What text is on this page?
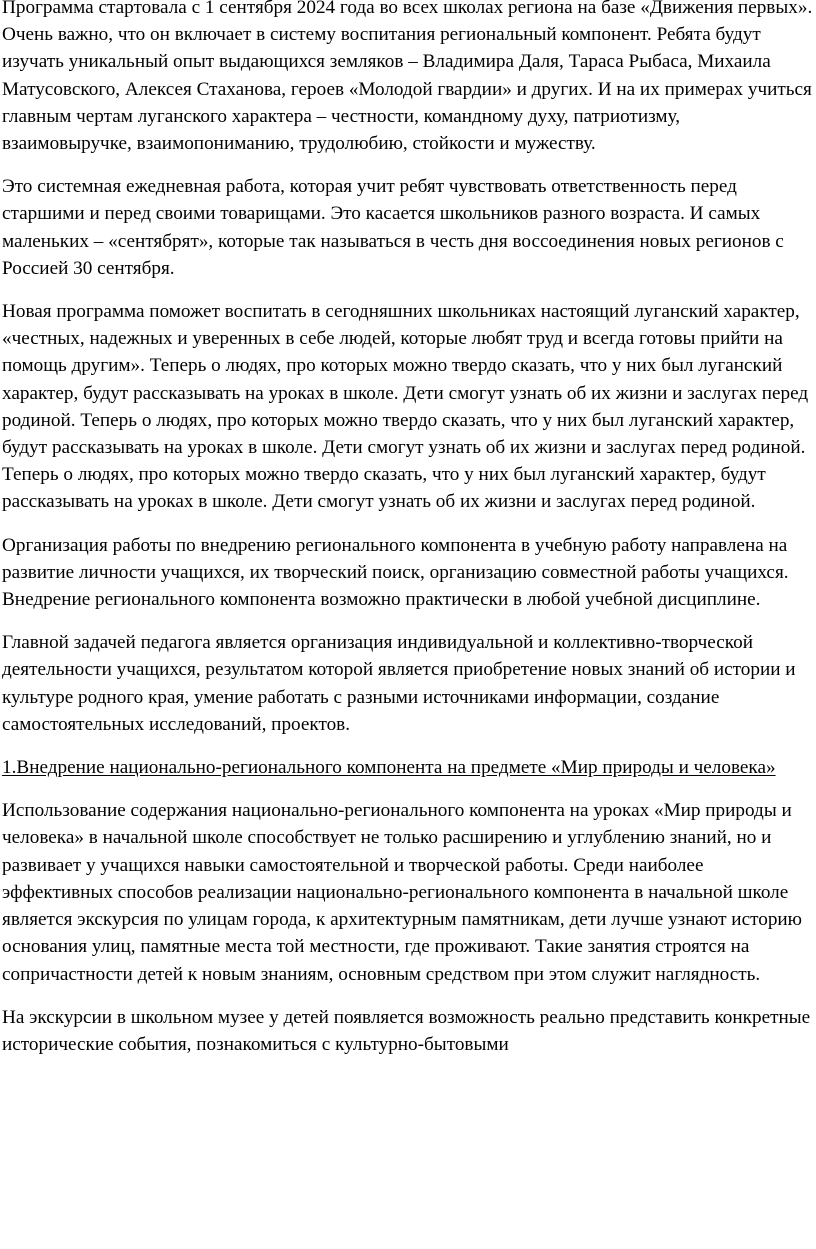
Программа стартовала с 1 сентября 2024 года во всех школах региона на базе «Движения первых». Очень важно, что он включает в систему воспитания региональный компонент. Ребята будут изучать уникальный опыт выдающихся земляков – Владимира Даля, Тараса Рыбаса, Михаила Матусовского, Алексея Стаханова, героев «Молодой гвардии» и других. И на их примерах учиться главным чертам луганского характера – честности, командному духу, патриотизму, взаимовыручке, взаимопониманию, трудолюбию, стойкости и мужеству.

Это системная ежедневная работа, которая учит ребят чувствовать ответственность перед старшими и перед своими товарищами. Это касается школьников разного возраста. И самых маленьких – «сентябрят», которые так называться в честь дня воссоединения новых регионов с Россией 30 сентября.

Новая программа поможет воспитать в сегодняшних школьниках настоящий луганский характер, «честных, надежных и уверенных в себе людей, которые любят труд и всегда готовы прийти на помощь другим». Теперь о людях, про которых можно твердо сказать, что у них был луганский характер, будут рассказывать на уроках в школе. Дети смогут узнать об их жизни и заслугах перед родиной. Теперь о людях, про которых можно твердо сказать, что у них был луганский характер, будут рассказывать на уроках в школе. Дети смогут узнать об их жизни и заслугах перед родиной. Теперь о людях, про которых можно твердо сказать, что у них был луганский характер, будут рассказывать на уроках в школе. Дети смогут узнать об их жизни и заслугах перед родиной.

Организация работы по внедрению регионального компонента в учебную работу направлена на развитие личности учащихся, их творческий поиск, организацию совместной работы учащихся. Внедрение регионального компонента возможно практически в любой учебной дисциплине.

Главной задачей педагога является организация индивидуальной и коллективно-творческой деятельности учащихся, результатом которой является приобретение новых знаний об истории и культуре родного края, умение работать с разными источниками информации, создание самостоятельных исследований, проектов.

1.Внедрение национально-регионального компонента на предмете «Мир природы и человека»

Использование содержания национально-регионального компонента на уроках «Мир природы и человека» в начальной школе способствует не только расширению и углублению знаний, но и развивает у учащихся навыки самостоятельной и творческой работы. Среди наиболее эффективных способов реализации национально-регионального компонента в начальной школе является экскурсия по улицам города, к архитектурным памятникам, дети лучше узнают историю основания улиц, памятные места той местности, где проживают. Такие занятия строятся на сопричастности детей к новым знаниям, основным средством при этом служит наглядность.

На экскурсии в школьном музее у детей появляется возможность реально представить конкретные исторические события, познакомиться с культурно-бытовыми
